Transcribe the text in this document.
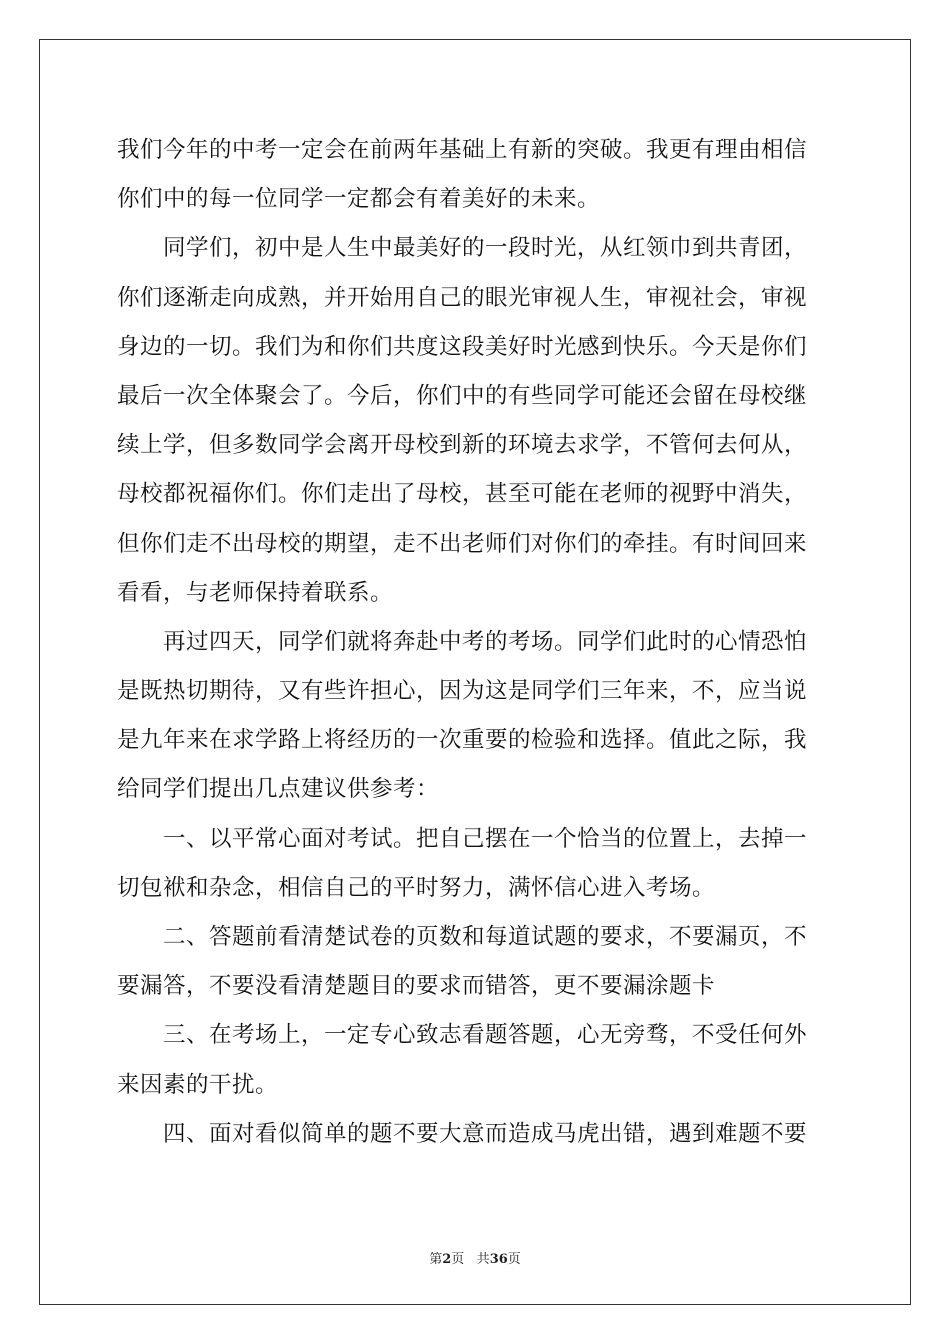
我们今年的中考一定会在前两年基础上有新的突破。我更有理由相信
你们中的每一位同学一定都会有着美好的未来。
　　同学们，初中是人生中最美好的一段时光，从红领巾到共青团，
你们逐渐走向成熟，并开始用自己的眼光审视人生，审视社会，审视
身边的一切。我们为和你们共度这段美好时光感到快乐。今天是你们
最后一次全体聚会了。今后，你们中的有些同学可能还会留在母校继
续上学，但多数同学会离开母校到新的环境去求学，不管何去何从，
母校都祝福你们。你们走出了母校，甚至可能在老师的视野中消失，
但你们走不出母校的期望，走不出老师们对你们的牵挂。有时间回来
看看，与老师保持着联系。
　　再过四天，同学们就将奔赴中考的考场。同学们此时的心情恐怕
是既热切期待，又有些许担心，因为这是同学们三年来，不，应当说
是九年来在求学路上将经历的一次重要的检验和选择。值此之际，我
给同学们提出几点建议供参考：
　　一、以平常心面对考试。把自己摆在一个恰当的位置上，去掉一
切包袱和杂念，相信自己的平时努力，满怀信心进入考场。
　　二、答题前看清楚试卷的页数和每道试题的要求，不要漏页，不
要漏答，不要没看清楚题目的要求而错答，更不要漏涂题卡
　　三、在考场上，一定专心致志看题答题，心无旁骛，不受任何外
来因素的干扰。
　　四、面对看似简单的题不要大意而造成马虎出错，遇到难题不要
第2页 共36页
